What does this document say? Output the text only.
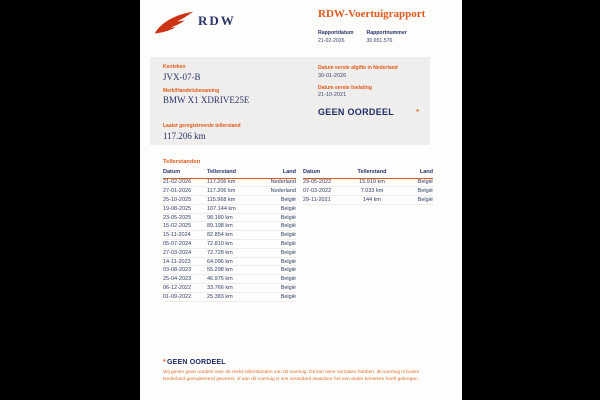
RDW	RDW-Voertuigrapport
Rapportdatum
21-02-2026
Rapportnummer
30.651.576
Kenteken
JVX-07-B
Merk/Handelsbenaming
BMW X1 XDRIVE25E
Laatst geregistreerde tellerstand
117.206 km
Datum eerste afgifte in Nederland
30-01-2026
Datum eerste toelating
21-10-2021
GEEN OORDEEL	*
Tellerstanden
Datum	Tellerstand	Land
21-02-2026	117.206 km	Nederland
27-01-2026	117.206 km	Nederland
25-10-2025	115.968 km	België
19-08-2025	107.144 km	België
23-05-2025	98.180 km	België
15-02-2025	89.198 km	België
15-11-2024	82.854 km	België
05-07-2024	72.810 km	België
27-03-2024	72.728 km	België
14-11-2023	64.096 km	België
03-08-2023	55.298 km	België
25-04-2023	46.975 km	België
06-12-2022	33.766 km	België
01-09-2022	25.383 km	België
Datum	Tellerstand	Land
29-05-2022	15.919 km	België
07-03-2022	7.033 km	België
29-11-2021	144 km	België
*GEEN OORDEEL

Wij geven geen oordeel over de reeks tellerstanden van dit voertuig. Dit kan twee oorzaken hebben: dit voertuig is buiten Nederland geregistreerd geweest, of aan dit voertuig is iets veranderd waardoor het een ander kenteken heeft gekregen.
